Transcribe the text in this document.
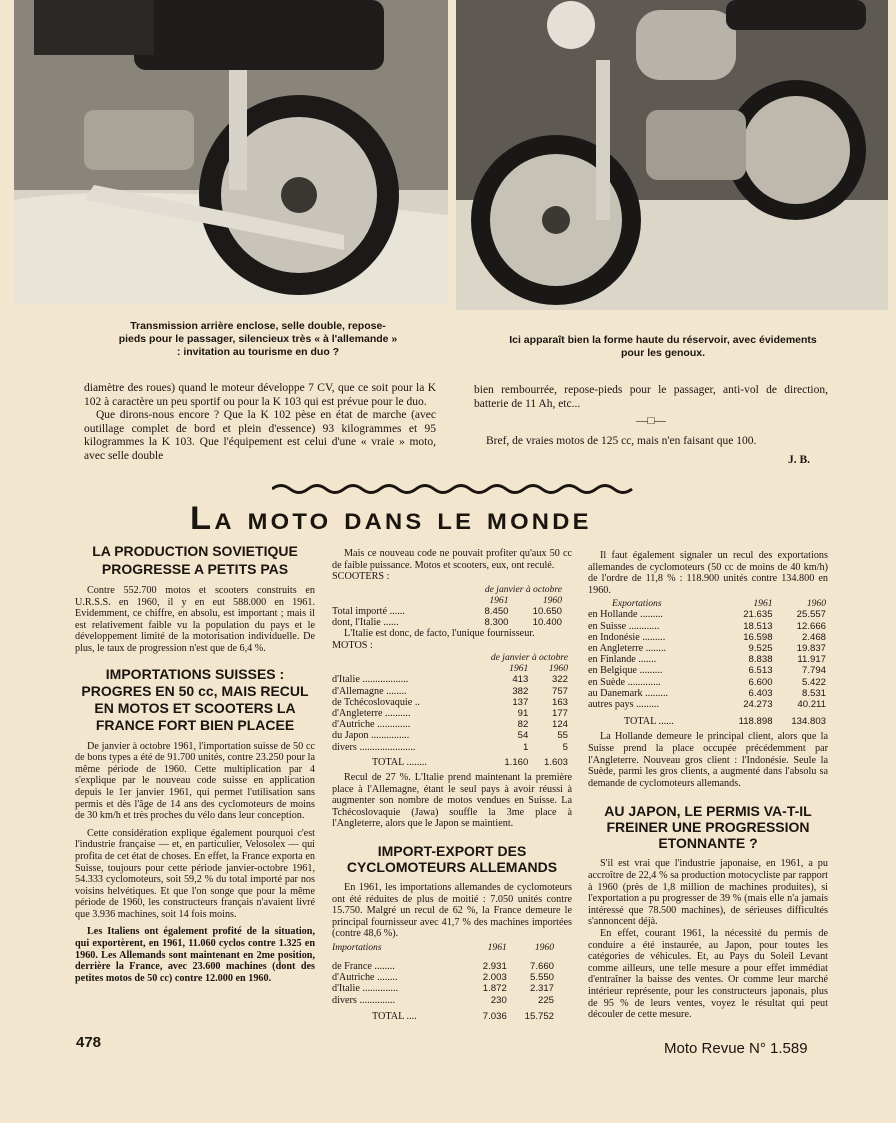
Transmission arrière enclose, selle double, repose-pieds pour le passager, silencieux très « à l'allemande » : invitation au tourisme en duo ?
Ici apparaît bien la forme haute du réservoir, avec évidements pour les genoux.

diamètre des roues) quand le moteur développe 7 CV, que ce soit pour la K 102 à caractère un peu sportif ou pour la K 103 qui est prévue pour le duo.

Que dirons-nous encore ? Que la K 102 pèse en état de marche (avec outillage complet de bord et plein d'essence) 93 kilogrammes et 95 kilogrammes la K 103. Que l'équipement est celui d'une « vraie » moto, avec selle double

bien rembourrée, repose-pieds pour le passager, anti-vol de direction, batterie de 11 Ah, etc...

—□—

Bref, de vraies motos de 125 cc, mais n'en faisant que 100.

J. B.

La moto dans le monde
LA PRODUCTION SOVIETIQUE PROGRESSE A PETITS PAS

Contre 552.700 motos et scooters construits en U.R.S.S. en 1960, il y en eut 588.000 en 1961. Evidemment, ce chiffre, en absolu, est important ; mais il est relativement faible vu la population du pays et le développement limité de la motorisation individuelle. De plus, le taux de progression n'est que de 6,4 %.

IMPORTATIONS SUISSES : PROGRES EN 50 cc, MAIS RECUL EN MOTOS ET SCOOTERS LA FRANCE FORT BIEN PLACEE

De janvier à octobre 1961, l'importation suisse de 50 cc de bons types a été de 91.700 unités, contre 23.250 pour la même période de 1960. Cette multiplication par 4 s'explique par le nouveau code suisse en application depuis le 1er janvier 1961, qui permet l'utilisation sans permis et dès l'âge de 14 ans des cyclomoteurs de moins de 30 km/h et très proches du vélo dans leur conception.

Cette considération explique également pourquoi c'est l'industrie française — et, en particulier, Velosolex — qui profita de cet état de choses. En effet, la France exporta en Suisse, toujours pour cette période janvier-octobre 1961, 54.333 cyclomoteurs, soit 59,2 % du total importé par nos voisins helvétiques. Et que l'on songe que pour la même période de 1960, les constructeurs français n'avaient livré que 3.936 machines, soit 14 fois moins.

Les Italiens ont également profité de la situation, qui exportèrent, en 1961, 11.060 cyclos contre 1.325 en 1960. Les Allemands sont maintenant en 2me position, derrière la France, avec 23.600 machines (dont des petites motos de 50 cc) contre 12.000 en 1960.

Mais ce nouveau code ne pouvait profiter qu'aux 50 cc de faible puissance. Motos et scooters, eux, ont reculé.

SCOOTERS :
de janvier à octobre		
	1961	1960
Total importé ......	8.450	10.650
dont, l'Italie ......	8.300	10.400

L'Italie est donc, de facto, l'unique fournisseur.

MOTOS :
de janvier à octobre		
	1961	1960
d'Italie ..................	413	322
d'Allemagne ........	382	757
de Tchécoslovaquie ..	137	163
d'Angleterre ..........	91	177
d'Autriche .............	82	124
du Japon ...............	54	55
divers ......................	1	5
TOTAL ........	1.160	1.603

Recul de 27 %. L'Italie prend maintenant la première place à l'Allemagne, étant le seul pays à avoir réussi à augmenter son nombre de motos vendues en Suisse. La Tchécoslovaquie (Jawa) souffle la 3me place à l'Angleterre, alors que le Japon se maintient.

IMPORT-EXPORT DES CYCLOMOTEURS ALLEMANDS

En 1961, les importations allemandes de cyclomoteurs ont été réduites de plus de moitié : 7.050 unités contre 15.750. Malgré un recul de 62 %, la France demeure le principal fournisseur avec 41,7 % des machines importées (contre 48,6 %).

Importations	1961	1960

de France ........	2.931	7.660
d'Autriche ........	2.003	5.550
d'Italie ..............	1.872	2.317
divers ..............	230	225
TOTAL ....	7.036	15.752

Il faut également signaler un recul des exportations allemandes de cyclomoteurs (50 cc de moins de 40 km/h) de l'ordre de 11,8 % : 118.900 unités contre 134.800 en 1960.

Exportations	1961	1960
en Hollande .........	21.635	25.557
en Suisse ............	18.513	12.666
en Indonésie .........	16.598	2.468
en Angleterre ........	9.525	19.837
en Finlande .......	8.838	11.917
en Belgique .........	6.513	7.794
en Suède .............	6.600	5.422
au Danemark .........	6.403	8.531
autres pays .........	24.273	40.211
TOTAL ......	118.898	134.803

La Hollande demeure le principal client, alors que la Suisse prend la place occupée précédemment par l'Angleterre. Nouveau gros client : l'Indonésie. Seule la Suède, parmi les gros clients, a augmenté dans l'absolu sa demande de cyclomoteurs allemands.

AU JAPON, LE PERMIS VA-T-IL FREINER UNE PROGRESSION ETONNANTE ?

S'il est vrai que l'industrie japonaise, en 1961, a pu accroître de 22,4 % sa production motocycliste par rapport à 1960 (près de 1,8 million de machines produites), si l'exportation a pu progresser de 39 % (mais elle n'a jamais intéressé que 78.500 machines), de sérieuses difficultés s'annoncent déjà.

En effet, courant 1961, la nécessité du permis de conduire a été instaurée, au Japon, pour toutes les catégories de véhicules. Et, au Pays du Soleil Levant comme ailleurs, une telle mesure a pour effet immédiat d'entraîner la baisse des ventes. Or comme leur marché intérieur représente, pour les constructeurs japonais, plus de 95 % de leurs ventes, voyez le résultat qui peut découler de cette mesure.

478	Moto Revue N° 1.589
